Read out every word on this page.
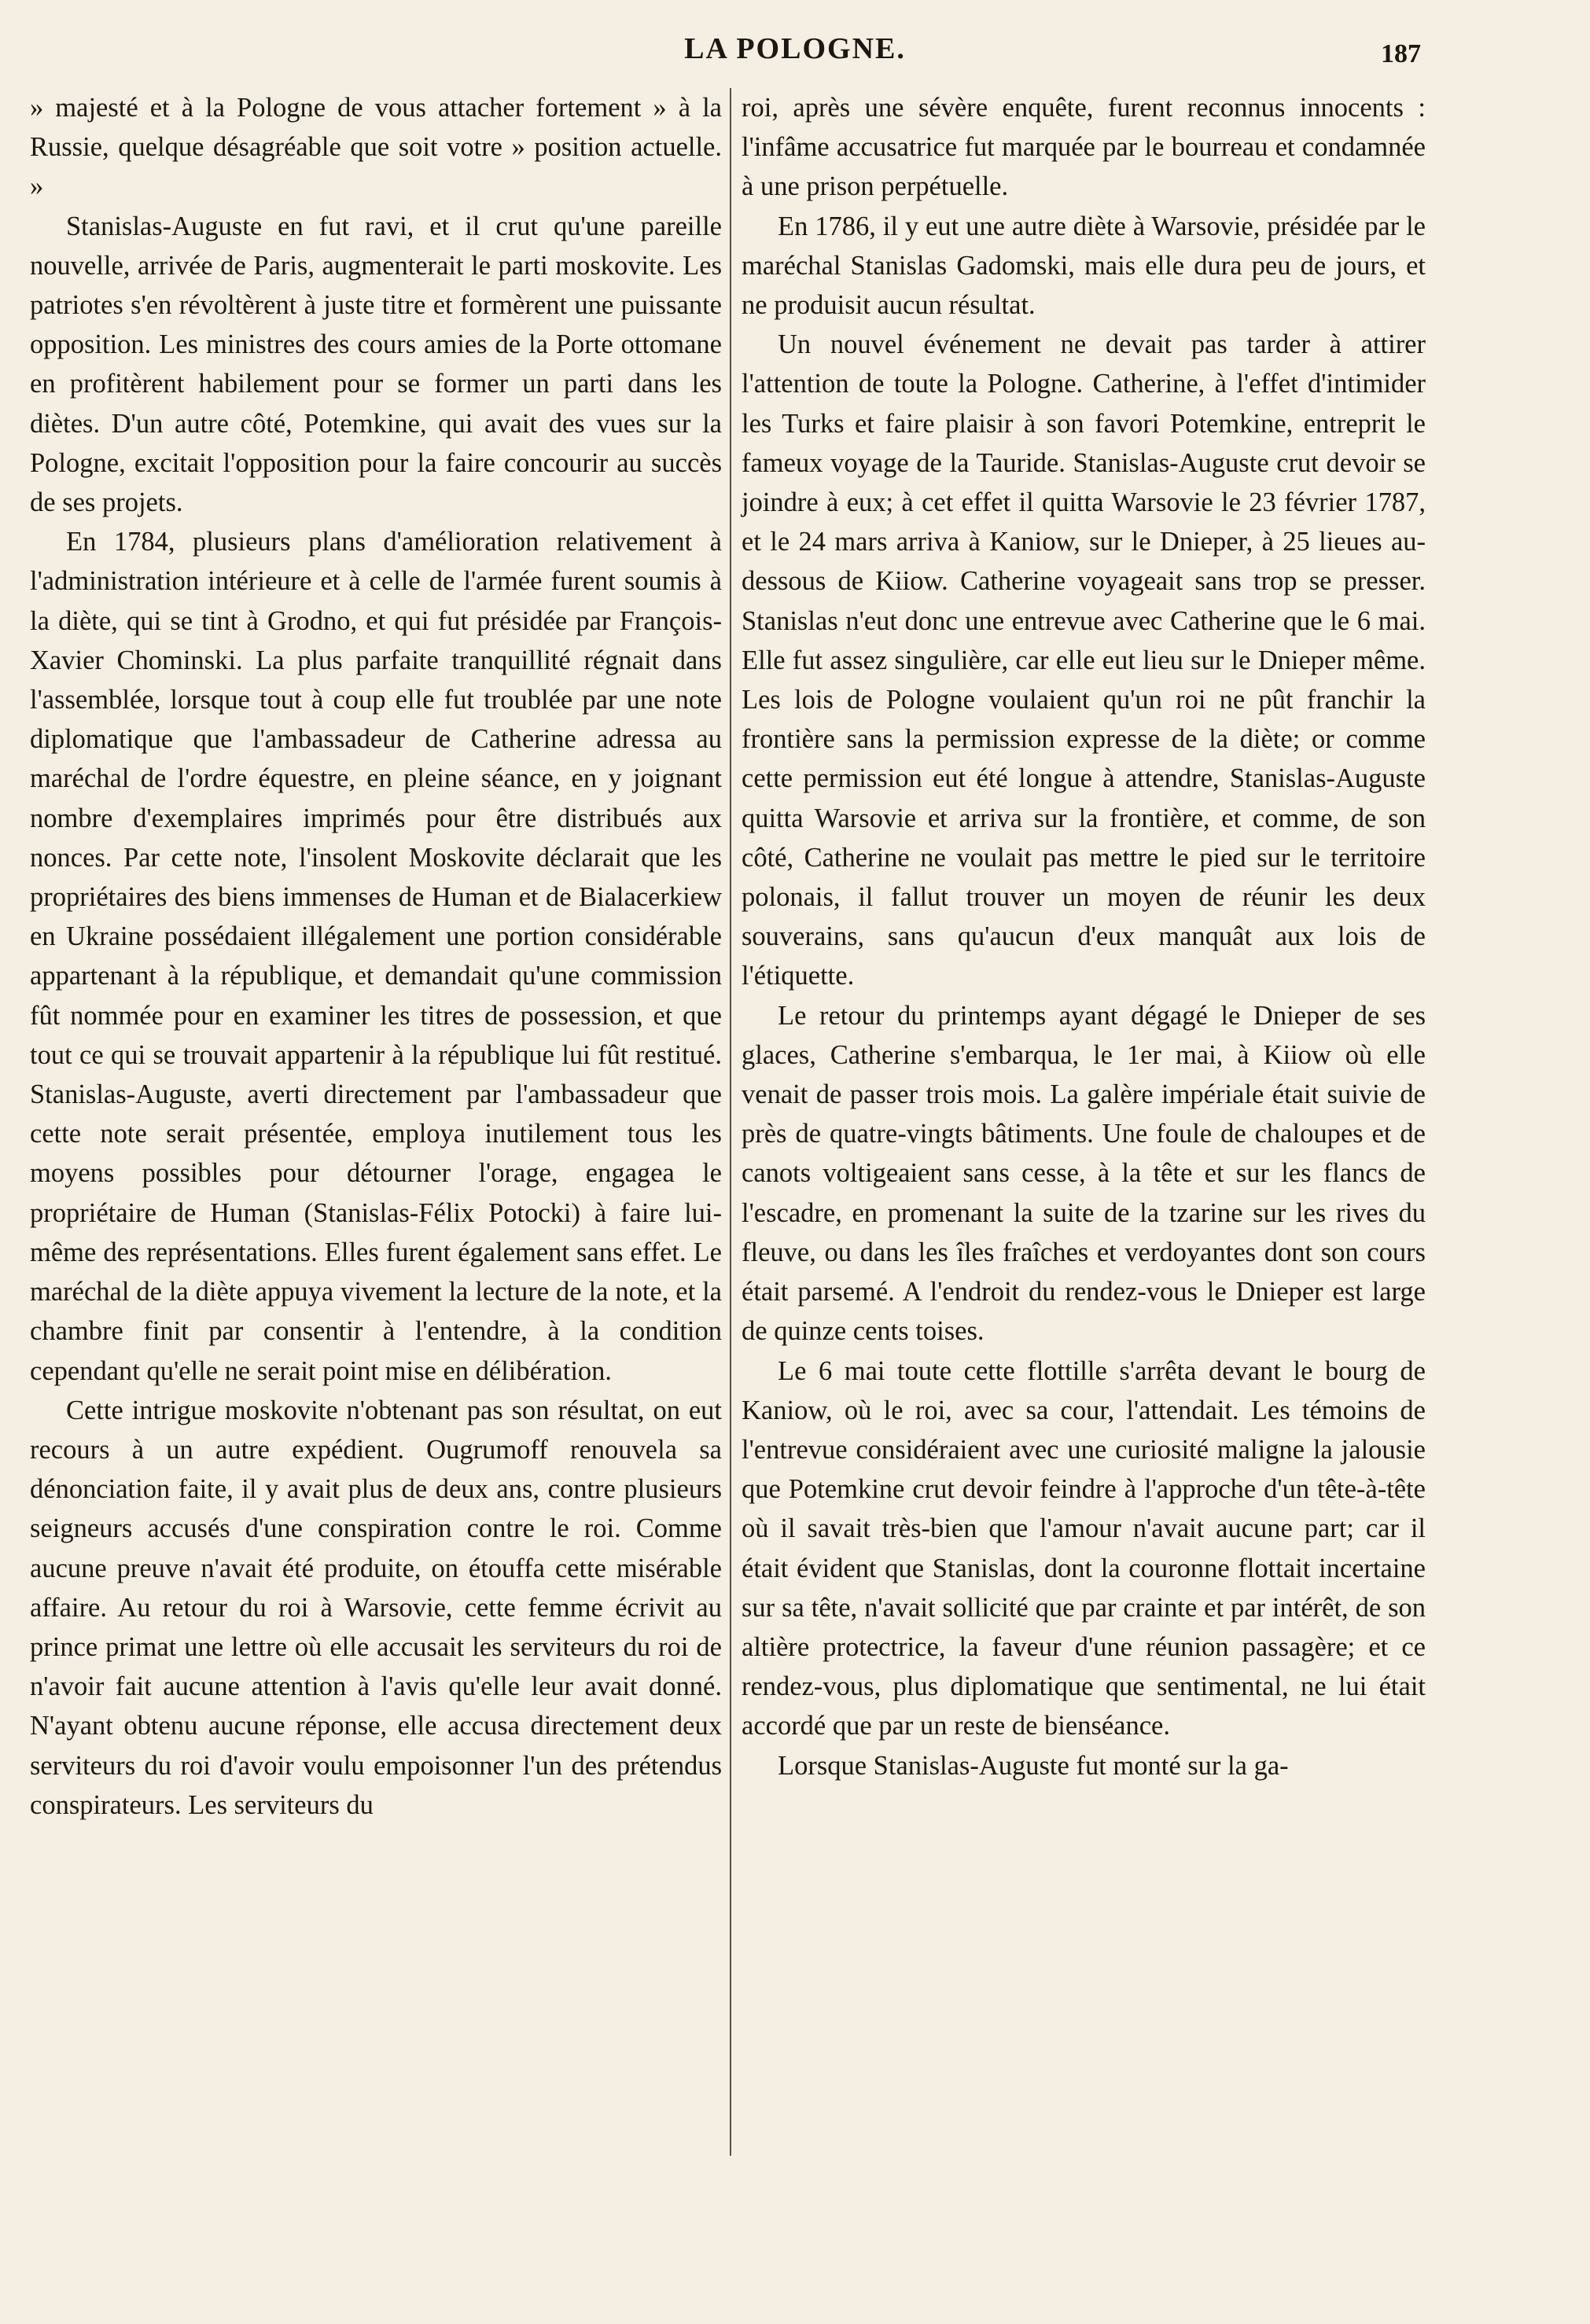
LA POLOGNE.	187

» majesté et à la Pologne de vous attacher fortement » à la Russie, quelque désagréable que soit votre » position actuelle. »

Stanislas-Auguste en fut ravi, et il crut qu'une pareille nouvelle, arrivée de Paris, augmenterait le parti moskovite. Les patriotes s'en révoltèrent à juste titre et formèrent une puissante opposition. Les ministres des cours amies de la Porte ottomane en profitèrent habilement pour se former un parti dans les diètes. D'un autre côté, Potemkine, qui avait des vues sur la Pologne, excitait l'opposition pour la faire concourir au succès de ses projets.

En 1784, plusieurs plans d'amélioration relativement à l'administration intérieure et à celle de l'armée furent soumis à la diète, qui se tint à Grodno, et qui fut présidée par François-Xavier Chominski. La plus parfaite tranquillité régnait dans l'assemblée, lorsque tout à coup elle fut troublée par une note diplomatique que l'ambassadeur de Catherine adressa au maréchal de l'ordre équestre, en pleine séance, en y joignant nombre d'exemplaires imprimés pour être distribués aux nonces. Par cette note, l'insolent Moskovite déclarait que les propriétaires des biens immenses de Human et de Bialacerkiew en Ukraine possédaient illégalement une portion considérable appartenant à la république, et demandait qu'une commission fût nommée pour en examiner les titres de possession, et que tout ce qui se trouvait appartenir à la république lui fût restitué. Stanislas-Auguste, averti directement par l'ambassadeur que cette note serait présentée, employa inutilement tous les moyens possibles pour détourner l'orage, engagea le propriétaire de Human (Stanislas-Félix Potocki) à faire lui-même des représentations. Elles furent également sans effet. Le maréchal de la diète appuya vivement la lecture de la note, et la chambre finit par consentir à l'entendre, à la condition cependant qu'elle ne serait point mise en délibération.

Cette intrigue moskovite n'obtenant pas son résultat, on eut recours à un autre expédient. Ougrumoff renouvela sa dénonciation faite, il y avait plus de deux ans, contre plusieurs seigneurs accusés d'une conspiration contre le roi. Comme aucune preuve n'avait été produite, on étouffa cette misérable affaire. Au retour du roi à Warsovie, cette femme écrivit au prince primat une lettre où elle accusait les serviteurs du roi de n'avoir fait aucune attention à l'avis qu'elle leur avait donné. N'ayant obtenu aucune réponse, elle accusa directement deux serviteurs du roi d'avoir voulu empoisonner l'un des prétendus conspirateurs. Les serviteurs du

roi, après une sévère enquête, furent reconnus innocents : l'infâme accusatrice fut marquée par le bourreau et condamnée à une prison perpétuelle.

En 1786, il y eut une autre diète à Warsovie, présidée par le maréchal Stanislas Gadomski, mais elle dura peu de jours, et ne produisit aucun résultat.

Un nouvel événement ne devait pas tarder à attirer l'attention de toute la Pologne. Catherine, à l'effet d'intimider les Turks et faire plaisir à son favori Potemkine, entreprit le fameux voyage de la Tauride. Stanislas-Auguste crut devoir se joindre à eux; à cet effet il quitta Warsovie le 23 février 1787, et le 24 mars arriva à Kaniow, sur le Dnieper, à 25 lieues au-dessous de Kiiow. Catherine voyageait sans trop se presser. Stanislas n'eut donc une entrevue avec Catherine que le 6 mai. Elle fut assez singulière, car elle eut lieu sur le Dnieper même. Les lois de Pologne voulaient qu'un roi ne pût franchir la frontière sans la permission expresse de la diète; or comme cette permission eut été longue à attendre, Stanislas-Auguste quitta Warsovie et arriva sur la frontière, et comme, de son côté, Catherine ne voulait pas mettre le pied sur le territoire polonais, il fallut trouver un moyen de réunir les deux souverains, sans qu'aucun d'eux manquât aux lois de l'étiquette.

Le retour du printemps ayant dégagé le Dnieper de ses glaces, Catherine s'embarqua, le 1er mai, à Kiiow où elle venait de passer trois mois. La galère impériale était suivie de près de quatre-vingts bâtiments. Une foule de chaloupes et de canots voltigeaient sans cesse, à la tête et sur les flancs de l'escadre, en promenant la suite de la tzarine sur les rives du fleuve, ou dans les îles fraîches et verdoyantes dont son cours était parsemé. A l'endroit du rendez-vous le Dnieper est large de quinze cents toises.

Le 6 mai toute cette flottille s'arrêta devant le bourg de Kaniow, où le roi, avec sa cour, l'attendait. Les témoins de l'entrevue considéraient avec une curiosité maligne la jalousie que Potemkine crut devoir feindre à l'approche d'un tête-à-tête où il savait très-bien que l'amour n'avait aucune part; car il était évident que Stanislas, dont la couronne flottait incertaine sur sa tête, n'avait sollicité que par crainte et par intérêt, de son altière protectrice, la faveur d'une réunion passagère; et ce rendez-vous, plus diplomatique que sentimental, ne lui était accordé que par un reste de bienséance.

Lorsque Stanislas-Auguste fut monté sur la ga-
